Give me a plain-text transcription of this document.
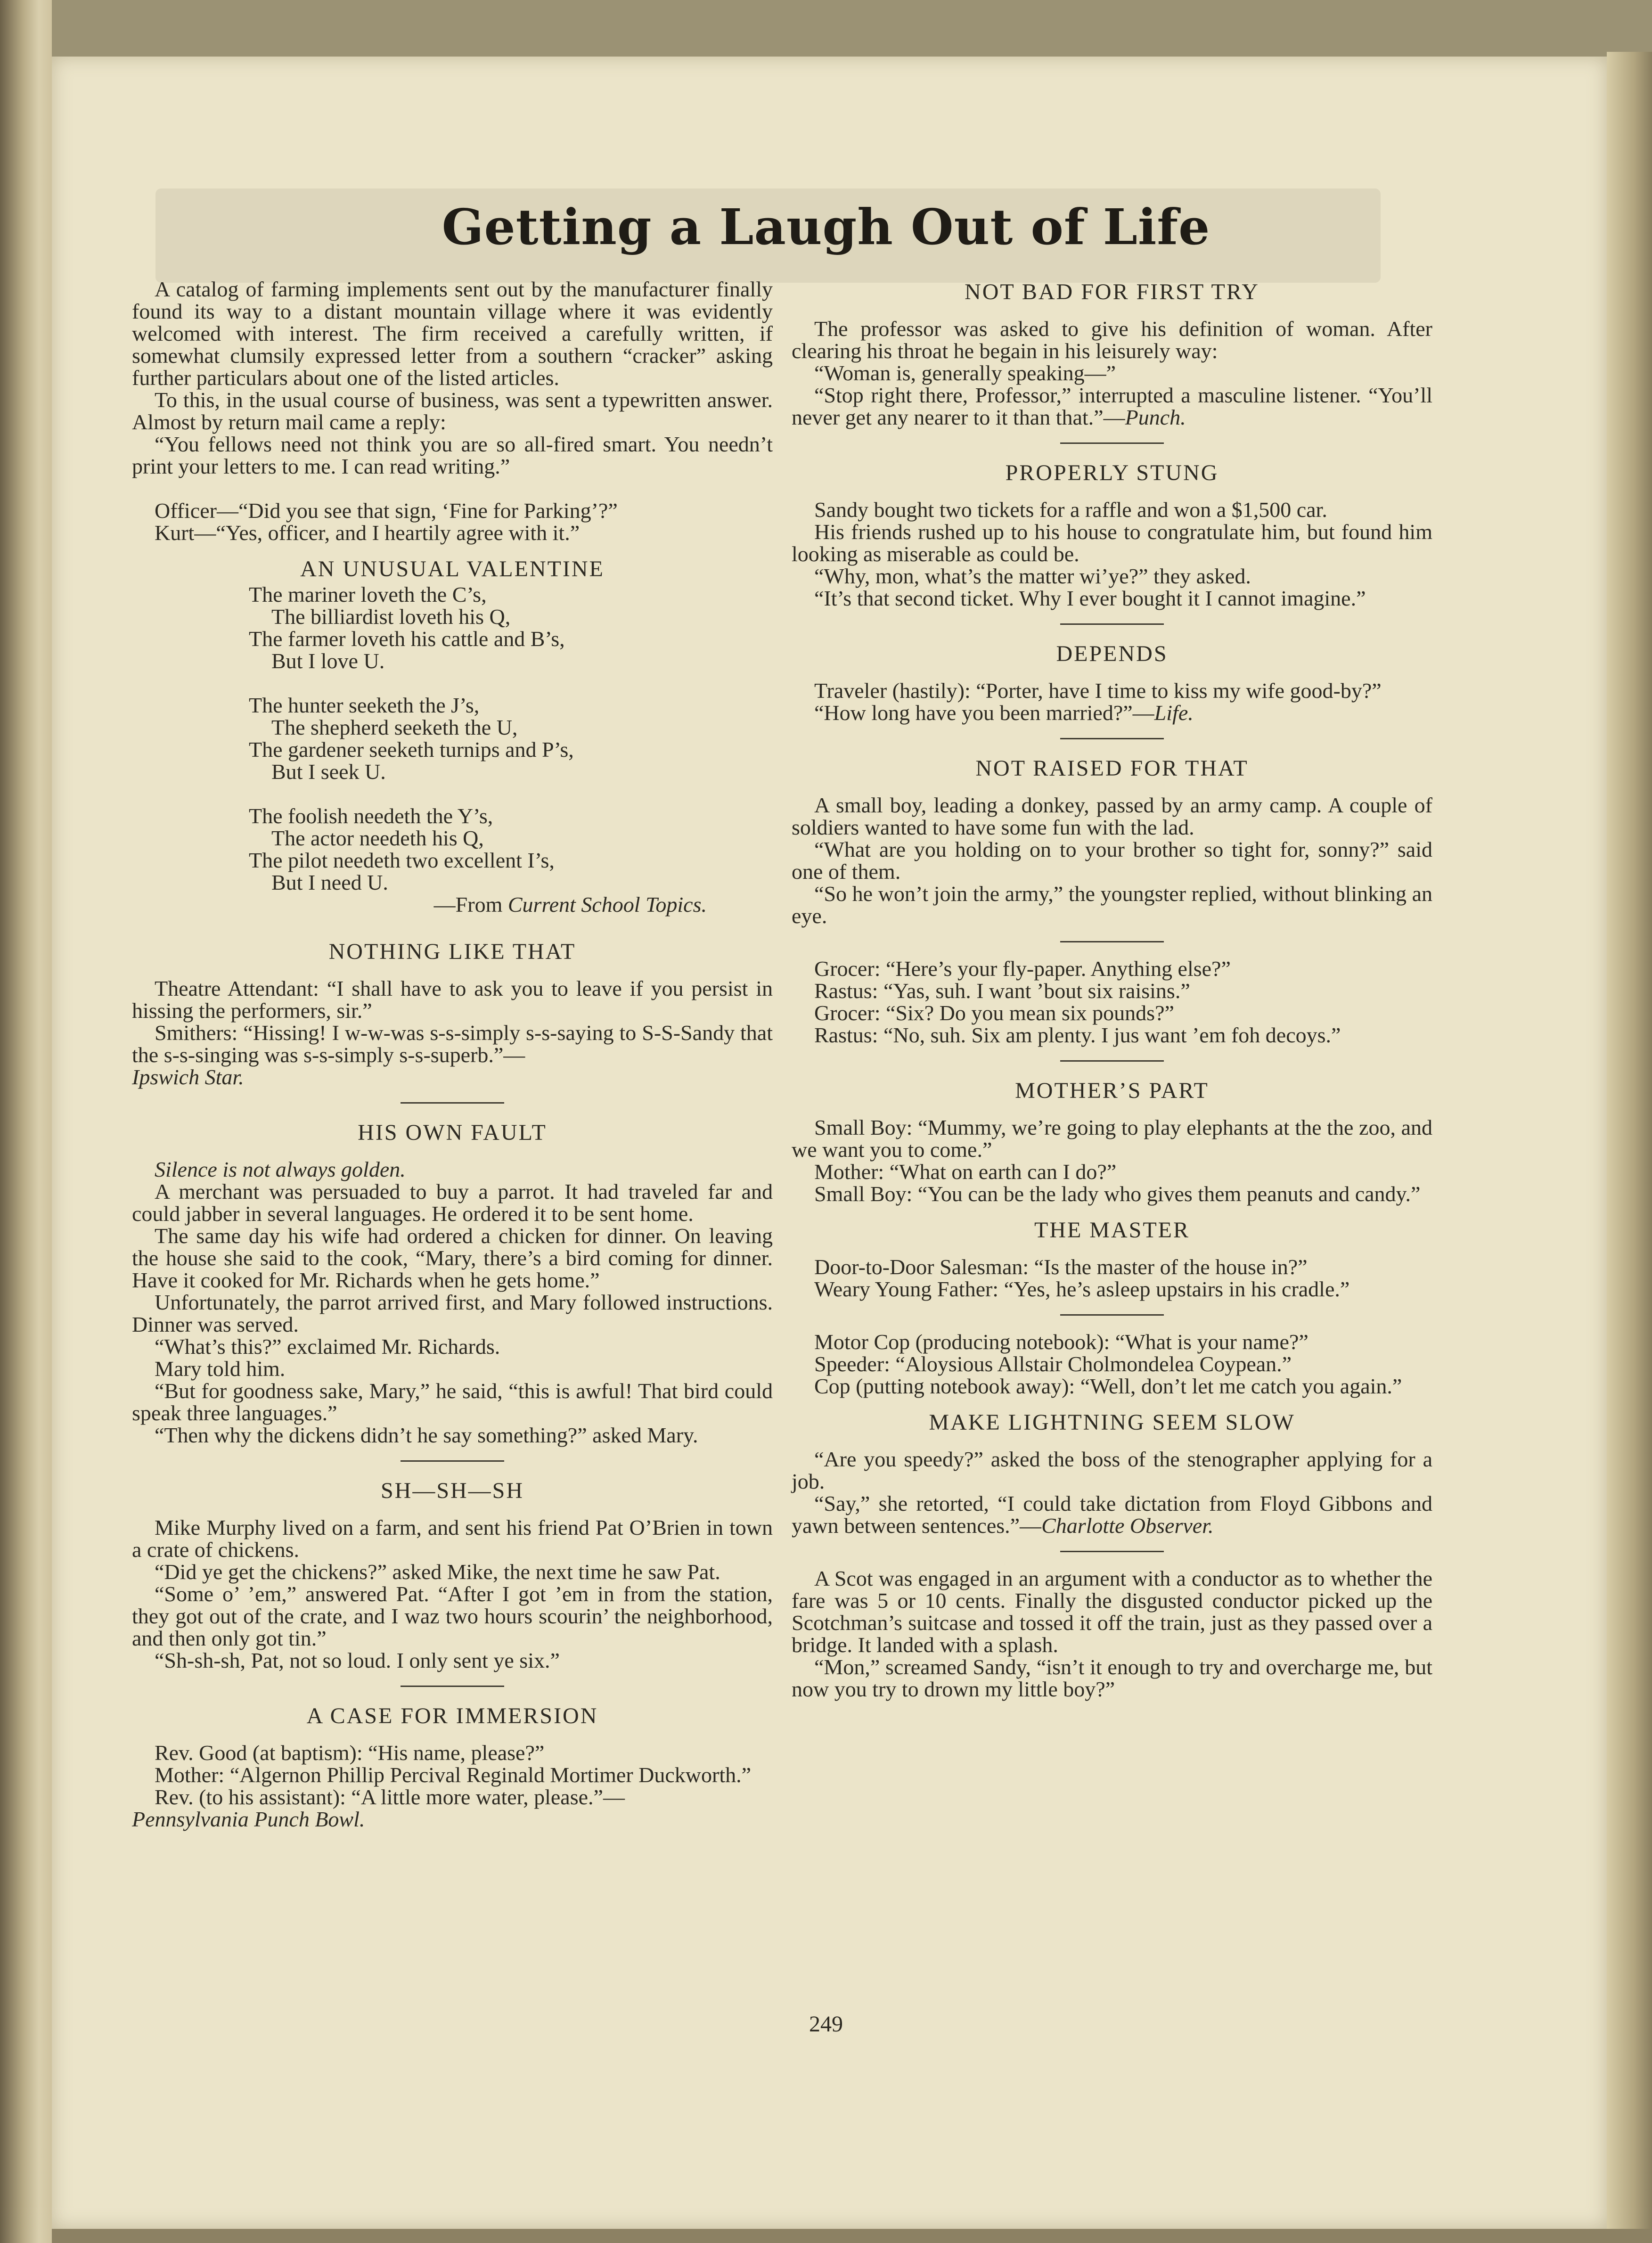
Getting a Laugh Out of Life

A catalog of farming implements sent out by the manufacturer finally found its way to a distant mountain village where it was evidently welcomed with interest. The firm received a carefully written, if somewhat clumsily expressed letter from a southern “cracker” asking further particulars about one of the listed articles.

To this, in the usual course of business, was sent a typewritten answer. Almost by return mail came a reply:

“You fellows need not think you are so all-fired smart. You needn’t print your letters to me. I can read writing.”

Officer—“Did you see that sign, ‘Fine for Parking’?”

Kurt—“Yes, officer, and I heartily agree with it.”

AN UNUSUAL VALENTINE

The mariner loveth the C’s,

The billiardist loveth his Q,

The farmer loveth his cattle and B’s,

But I love U.

The hunter seeketh the J’s,

The shepherd seeketh the U,

The gardener seeketh turnips and P’s,

But I seek U.

The foolish needeth the Y’s,

The actor needeth his Q,

The pilot needeth two excellent I’s,

But I need U.

—From Current School Topics.

NOTHING LIKE THAT

Theatre Attendant: “I shall have to ask you to leave if you persist in hissing the performers, sir.”

Smithers: “Hissing! I w-w-was s-s-simply s-s-saying to S-S-Sandy that the s-s-singing was s-s-simply s-s-superb.”—

Ipswich Star.

HIS OWN FAULT

Silence is not always golden.

A merchant was persuaded to buy a parrot. It had traveled far and could jabber in several languages. He ordered it to be sent home.

The same day his wife had ordered a chicken for dinner. On leaving the house she said to the cook, “Mary, there’s a bird coming for dinner. Have it cooked for Mr. Richards when he gets home.”

Unfortunately, the parrot arrived first, and Mary followed instructions. Dinner was served.

“What’s this?” exclaimed Mr. Richards.

Mary told him.

“But for goodness sake, Mary,” he said, “this is awful! That bird could speak three languages.”

“Then why the dickens didn’t he say something?” asked Mary.

SH—SH—SH

Mike Murphy lived on a farm, and sent his friend Pat O’Brien in town a crate of chickens.

“Did ye get the chickens?” asked Mike, the next time he saw Pat.

“Some o’ ’em,” answered Pat. “After I got ’em in from the station, they got out of the crate, and I waz two hours scourin’ the neighborhood, and then only got tin.”

“Sh-sh-sh, Pat, not so loud. I only sent ye six.”

A CASE FOR IMMERSION

Rev. Good (at baptism): “His name, please?”

Mother: “Algernon Phillip Percival Reginald Mortimer Duckworth.”

Rev. (to his assistant): “A little more water, please.”—

Pennsylvania Punch Bowl.

NOT BAD FOR FIRST TRY

The professor was asked to give his definition of woman. After clearing his throat he begain in his leisurely way:

“Woman is, generally speaking—”

“Stop right there, Professor,” interrupted a masculine listener. “You’ll never get any nearer to it than that.”—Punch.

PROPERLY STUNG

Sandy bought two tickets for a raffle and won a $1,500 car.

His friends rushed up to his house to congratulate him, but found him looking as miserable as could be.

“Why, mon, what’s the matter wi’ye?” they asked.

“It’s that second ticket. Why I ever bought it I cannot imagine.”

DEPENDS

Traveler (hastily): “Porter, have I time to kiss my wife good-by?”

“How long have you been married?”—Life.

NOT RAISED FOR THAT

A small boy, leading a donkey, passed by an army camp. A couple of soldiers wanted to have some fun with the lad.

“What are you holding on to your brother so tight for, sonny?” said one of them.

“So he won’t join the army,” the youngster replied, without blinking an eye.

Grocer: “Here’s your fly-paper. Anything else?”

Rastus: “Yas, suh. I want ’bout six raisins.”

Grocer: “Six? Do you mean six pounds?”

Rastus: “No, suh. Six am plenty. I jus want ’em foh decoys.”

MOTHER’S PART

Small Boy: “Mummy, we’re going to play elephants at the the zoo, and we want you to come.”

Mother: “What on earth can I do?”

Small Boy: “You can be the lady who gives them peanuts and candy.”

THE MASTER

Door-to-Door Salesman: “Is the master of the house in?”

Weary Young Father: “Yes, he’s asleep upstairs in his cradle.”

Motor Cop (producing notebook): “What is your name?”

Speeder: “Aloysious Allstair Cholmondelea Coypean.”

Cop (putting notebook away): “Well, don’t let me catch you again.”

MAKE LIGHTNING SEEM SLOW

“Are you speedy?” asked the boss of the stenographer applying for a job.

“Say,” she retorted, “I could take dictation from Floyd Gibbons and yawn between sentences.”—Charlotte Observer.

A Scot was engaged in an argument with a conductor as to whether the fare was 5 or 10 cents. Finally the disgusted conductor picked up the Scotchman’s suitcase and tossed it off the train, just as they passed over a bridge. It landed with a splash.

“Mon,” screamed Sandy, “isn’t it enough to try and overcharge me, but now you try to drown my little boy?”

249
